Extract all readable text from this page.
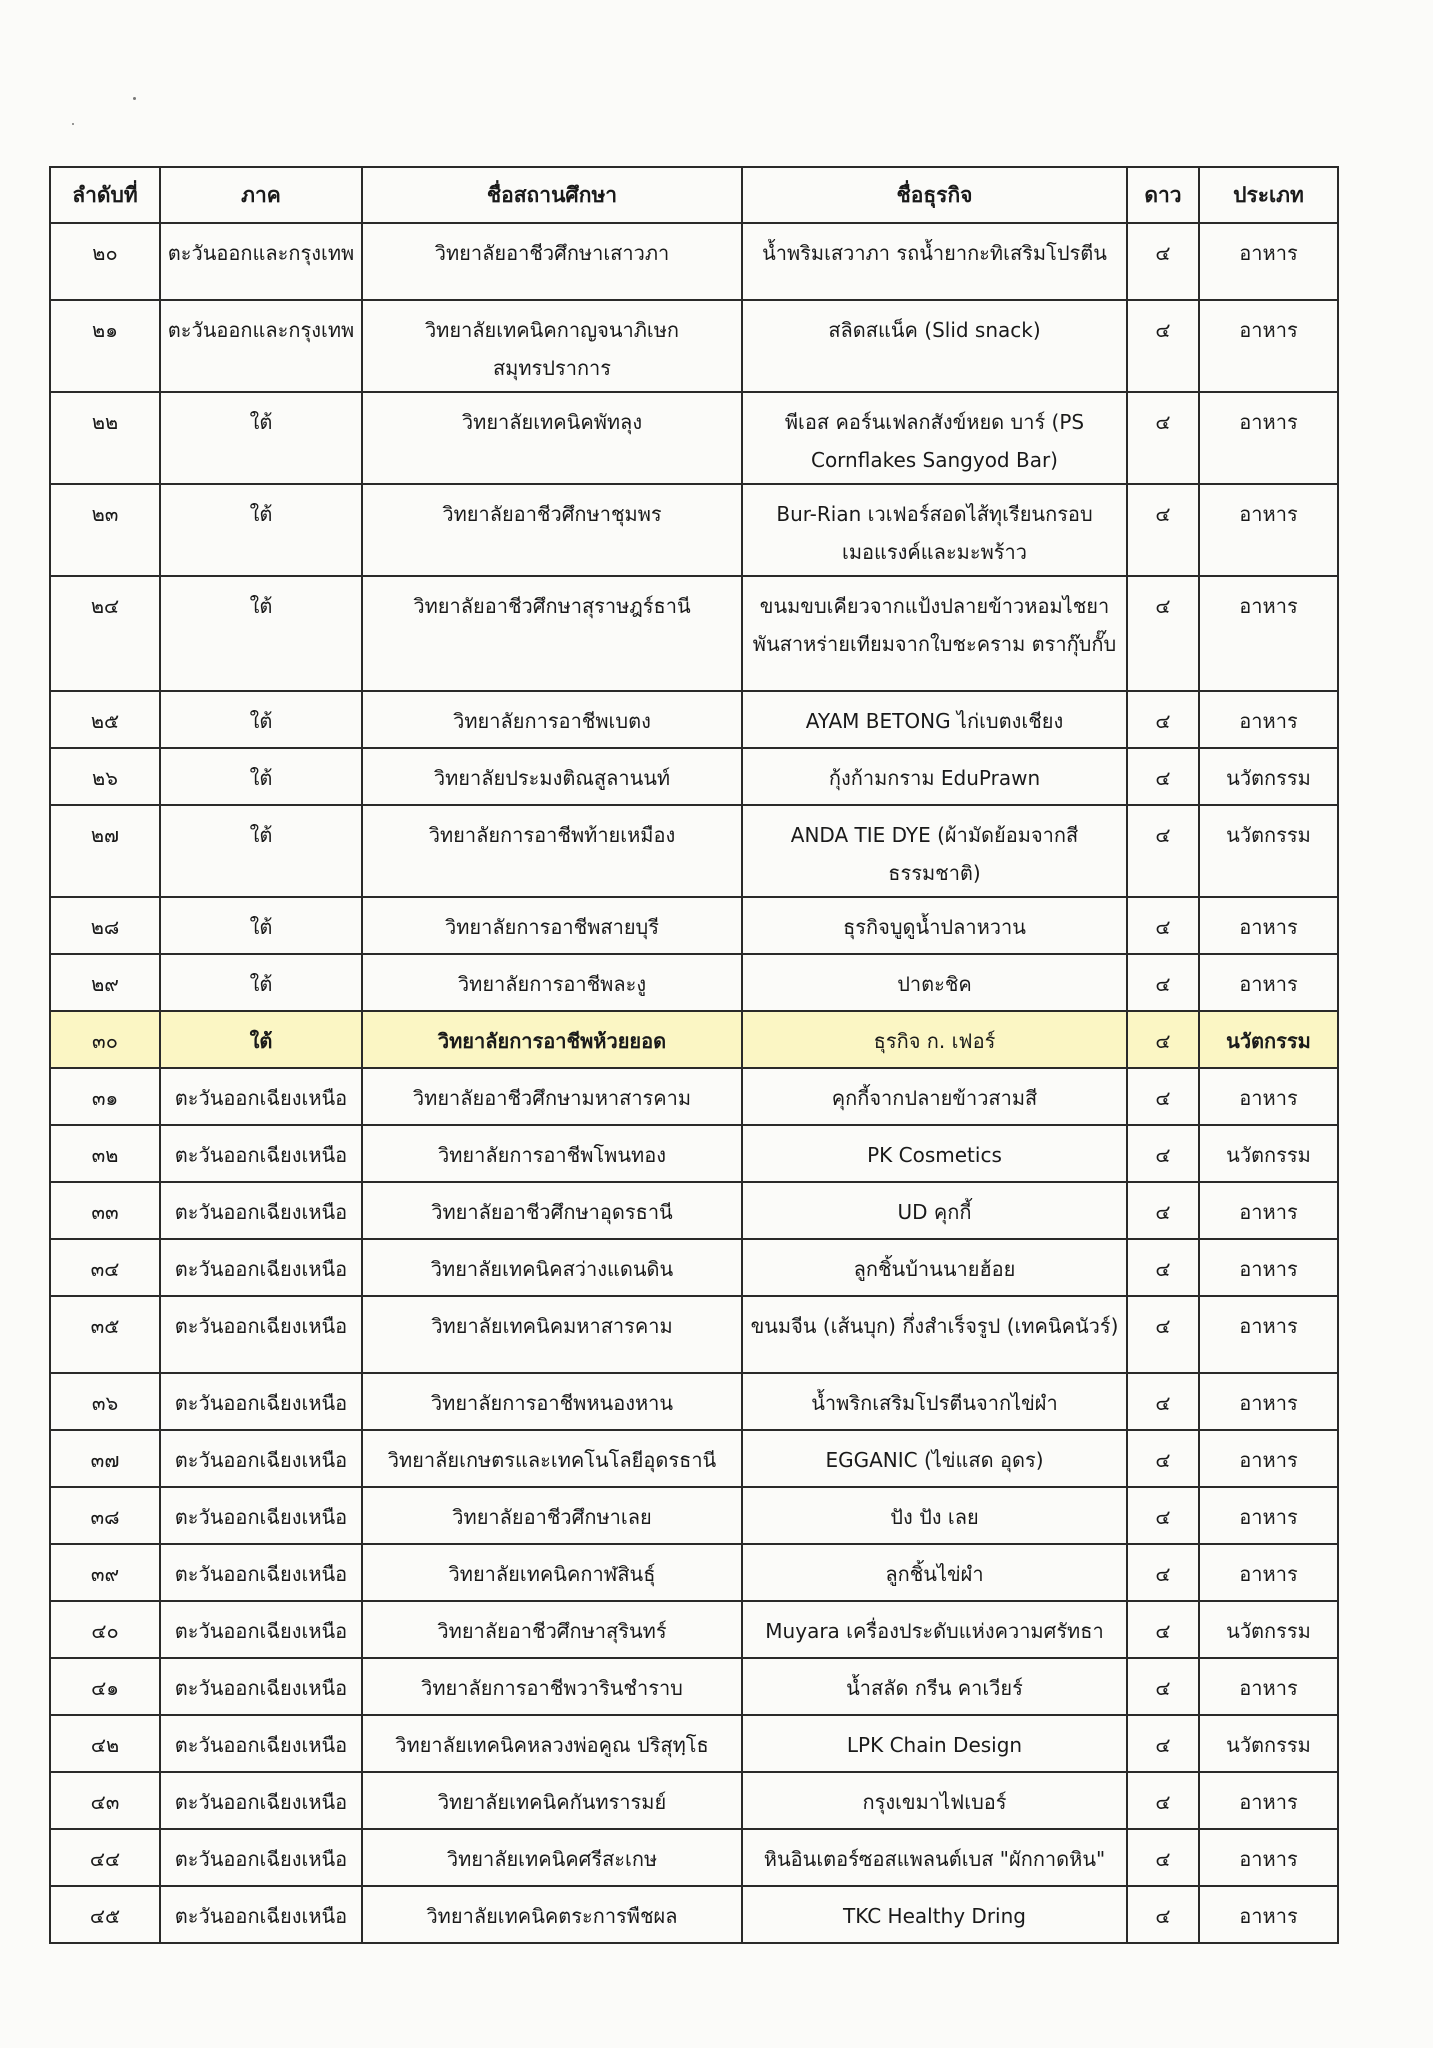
ลำดับที่	ภาค	ชื่อสถานศึกษา	ชื่อธุรกิจ	ดาว	ประเภท
๒๐	ตะวันออกและกรุงเทพ	วิทยาลัยอาชีวศึกษาเสาวภา	น้ำพริมเสวาภา รถน้ำยากะทิเสริมโปรตีน	๔	อาหาร
๒๑	ตะวันออกและกรุงเทพ	วิทยาลัยเทคนิคกาญจนาภิเษก สมุทรปราการ	สลิดสแน็ค (Slid snack)	๔	อาหาร
๒๒	ใต้	วิทยาลัยเทคนิคพัทลุง	พีเอส คอร์นเฟลกสังข์หยด บาร์ (PS Cornflakes Sangyod Bar)	๔	อาหาร
๒๓	ใต้	วิทยาลัยอาชีวศึกษาชุมพร	Bur-Rian เวเฟอร์สอดไส้ทุเรียนกรอบ เมอแรงค์และมะพร้าว	๔	อาหาร
๒๔	ใต้	วิทยาลัยอาชีวศึกษาสุราษฎร์ธานี	ขนมขบเคียวจากแป้งปลายข้าวหอมไชยา พันสาหร่ายเทียมจากใบชะคราม ตรากุ๊บกั๊บ	๔	อาหาร
๒๕	ใต้	วิทยาลัยการอาชีพเบตง	AYAM BETONG ไก่เบตงเชียง	๔	อาหาร
๒๖	ใต้	วิทยาลัยประมงติณสูลานนท์	กุ้งก้ามกราม EduPrawn	๔	นวัตกรรม
๒๗	ใต้	วิทยาลัยการอาชีพท้ายเหมือง	ANDA TIE DYE (ผ้ามัดย้อมจากสีธรรมชาติ)	๔	นวัตกรรม
๒๘	ใต้	วิทยาลัยการอาชีพสายบุรี	ธุรกิจบูดูน้ำปลาหวาน	๔	อาหาร
๒๙	ใต้	วิทยาลัยการอาชีพละงู	ปาตะชิค	๔	อาหาร
๓๐	ใต้	วิทยาลัยการอาชีพห้วยยอด	ธุรกิจ ก. เฟอร์	๔	นวัตกรรม
๓๑	ตะวันออกเฉียงเหนือ	วิทยาลัยอาชีวศึกษามหาสารคาม	คุกกี้จากปลายข้าวสามสี	๔	อาหาร
๓๒	ตะวันออกเฉียงเหนือ	วิทยาลัยการอาชีพโพนทอง	PK Cosmetics	๔	นวัตกรรม
๓๓	ตะวันออกเฉียงเหนือ	วิทยาลัยอาชีวศึกษาอุดรธานี	UD คุกกี้	๔	อาหาร
๓๔	ตะวันออกเฉียงเหนือ	วิทยาลัยเทคนิคสว่างแดนดิน	ลูกชิ้นบ้านนายฮ้อย	๔	อาหาร
๓๕	ตะวันออกเฉียงเหนือ	วิทยาลัยเทคนิคมหาสารคาม	ขนมจีน (เส้นบุก) กึ่งสำเร็จรูป (เทคนิคนัวร์)	๔	อาหาร
๓๖	ตะวันออกเฉียงเหนือ	วิทยาลัยการอาชีพหนองหาน	น้ำพริกเสริมโปรตีนจากไข่ผำ	๔	อาหาร
๓๗	ตะวันออกเฉียงเหนือ	วิทยาลัยเกษตรและเทคโนโลยีอุดรธานี	EGGANIC (ไข่แสด อุดร)	๔	อาหาร
๓๘	ตะวันออกเฉียงเหนือ	วิทยาลัยอาชีวศึกษาเลย	ปัง ปัง เลย	๔	อาหาร
๓๙	ตะวันออกเฉียงเหนือ	วิทยาลัยเทคนิคกาฬสินธุ์	ลูกชิ้นไข่ผำ	๔	อาหาร
๔๐	ตะวันออกเฉียงเหนือ	วิทยาลัยอาชีวศึกษาสุรินทร์	Muyara เครื่องประดับแห่งความศรัทธา	๔	นวัตกรรม
๔๑	ตะวันออกเฉียงเหนือ	วิทยาลัยการอาชีพวารินชำราบ	น้ำสลัด กรีน คาเวียร์	๔	อาหาร
๔๒	ตะวันออกเฉียงเหนือ	วิทยาลัยเทคนิคหลวงพ่อคูณ ปริสุทฺโธ	LPK Chain Design	๔	นวัตกรรม
๔๓	ตะวันออกเฉียงเหนือ	วิทยาลัยเทคนิคกันทรารมย์	กรุงเขมาไฟเบอร์	๔	อาหาร
๔๔	ตะวันออกเฉียงเหนือ	วิทยาลัยเทคนิคศรีสะเกษ	หินอินเตอร์ซอสแพลนต์เบส "ผักกาดหิน"	๔	อาหาร
๔๕	ตะวันออกเฉียงเหนือ	วิทยาลัยเทคนิคตระการพืชผล	TKC Healthy Dring	๔	อาหาร
